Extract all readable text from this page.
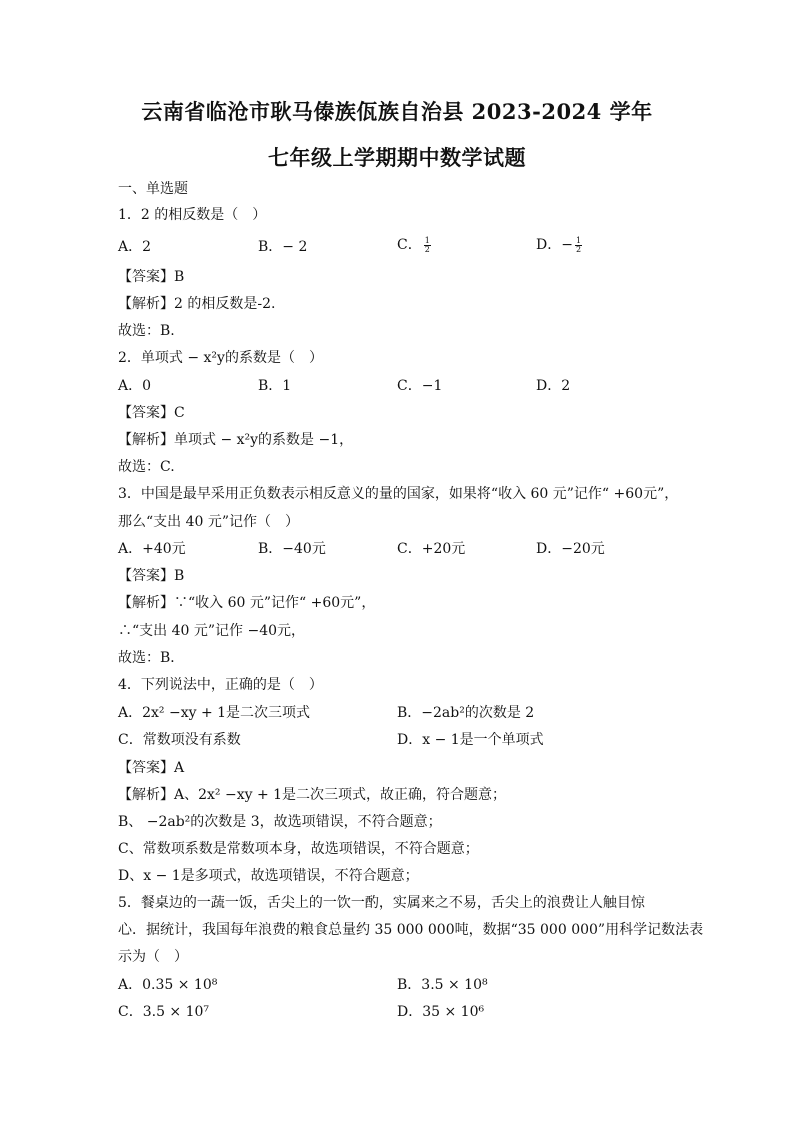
云南省临沧市耿马傣族佤族自治县 2023-2024 学年
七年级上学期期中数学试题
一、单选题
1．2 的相反数是（　）
A．2	B．− 2	C． $\frac{1}{2}$	D．− $\frac{1}{2}$
【答案】B
【解析】2 的相反数是-2.
故选：B.
2．单项式 − x²y的系数是（　）
A．0	B．1	C．−1	D．2
【答案】C
【解析】单项式 − x²y的系数是 −1，
故选：C.
3．中国是最早采用正负数表示相反意义的量的国家，如果将“收入 60 元”记作“ +60元”，
那么“支出 40 元”记作（　）
A．+40元	B．−40元	C．+20元	D．−20元
【答案】B
【解析】∵“收入 60 元”记作“ +60元”，
∴“支出 40 元”记作 −40元，
故选：B．
4．下列说法中，正确的是（　）
A．2x² −xy + 1是二次三项式	B．−2ab²的次数是 2
C．常数项没有系数	D．x − 1是一个单项式
【答案】A
【解析】A、2x² −xy + 1是二次三项式，故正确，符合题意；
B、 −2ab²的次数是 3，故选项错误，不符合题意；
C、常数项系数是常数项本身，故选项错误，不符合题意；
D、x − 1是多项式，故选项错误，不符合题意；
5．餐桌边的一蔬一饭，舌尖上的一饮一酌，实属来之不易，舌尖上的浪费让人触目惊
心．据统计，我国每年浪费的粮食总量约 35 000 000吨，数据“35 000 000”用科学记数法表
示为（　）
A．0.35 × 10⁸	B．3.5 × 10⁸
C．3.5 × 10⁷	D．35 × 10⁶
